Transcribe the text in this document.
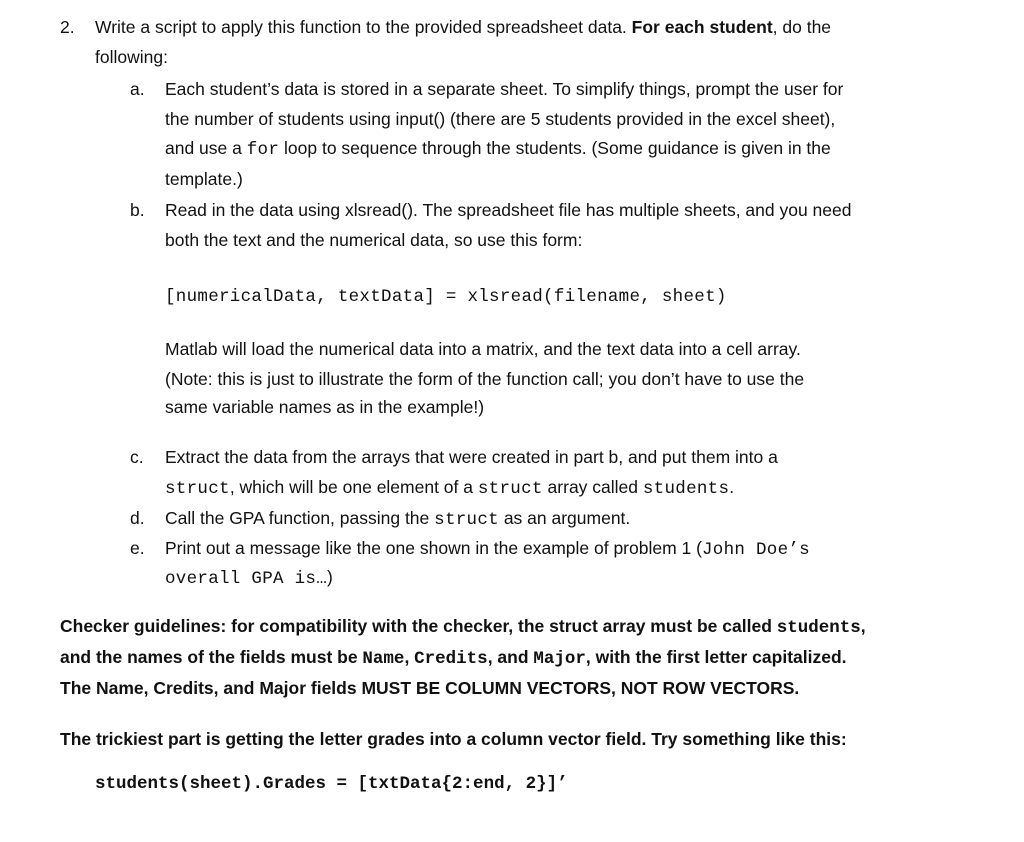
2. Write a script to apply this function to the provided spreadsheet data. For each student, do the
following:
a. Each student’s data is stored in a separate sheet. To simplify things, prompt the user for
the number of students using input() (there are 5 students provided in the excel sheet),
and use a for loop to sequence through the students. (Some guidance is given in the
template.)
b. Read in the data using xlsread(). The spreadsheet file has multiple sheets, and you need
both the text and the numerical data, so use this form:
[numericalData, textData] = xlsread(filename, sheet)
Matlab will load the numerical data into a matrix, and the text data into a cell array.
(Note: this is just to illustrate the form of the function call; you don’t have to use the
same variable names as in the example!)
c. Extract the data from the arrays that were created in part b, and put them into a
struct, which will be one element of a struct array called students.
d. Call the GPA function, passing the struct as an argument.
e. Print out a message like the one shown in the example of problem 1 (John Doe’s
overall GPA is…)
Checker guidelines: for compatibility with the checker, the struct array must be called students,
and the names of the fields must be Name, Credits, and Major, with the first letter capitalized.
The Name, Credits, and Major fields MUST BE COLUMN VECTORS, NOT ROW VECTORS.
The trickiest part is getting the letter grades into a column vector field. Try something like this:
students(sheet).Grades = [txtData{2:end, 2}]’
